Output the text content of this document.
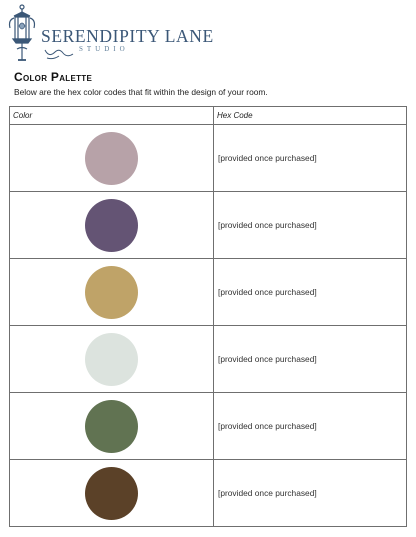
SERENDIPITY LANE
STUDIO
Color Palette

Below are the hex color codes that fit within the design of your room.

Color	Hex Code
	[provided once purchased]
	[provided once purchased]
	[provided once purchased]
	[provided once purchased]
	[provided once purchased]
	[provided once purchased]
